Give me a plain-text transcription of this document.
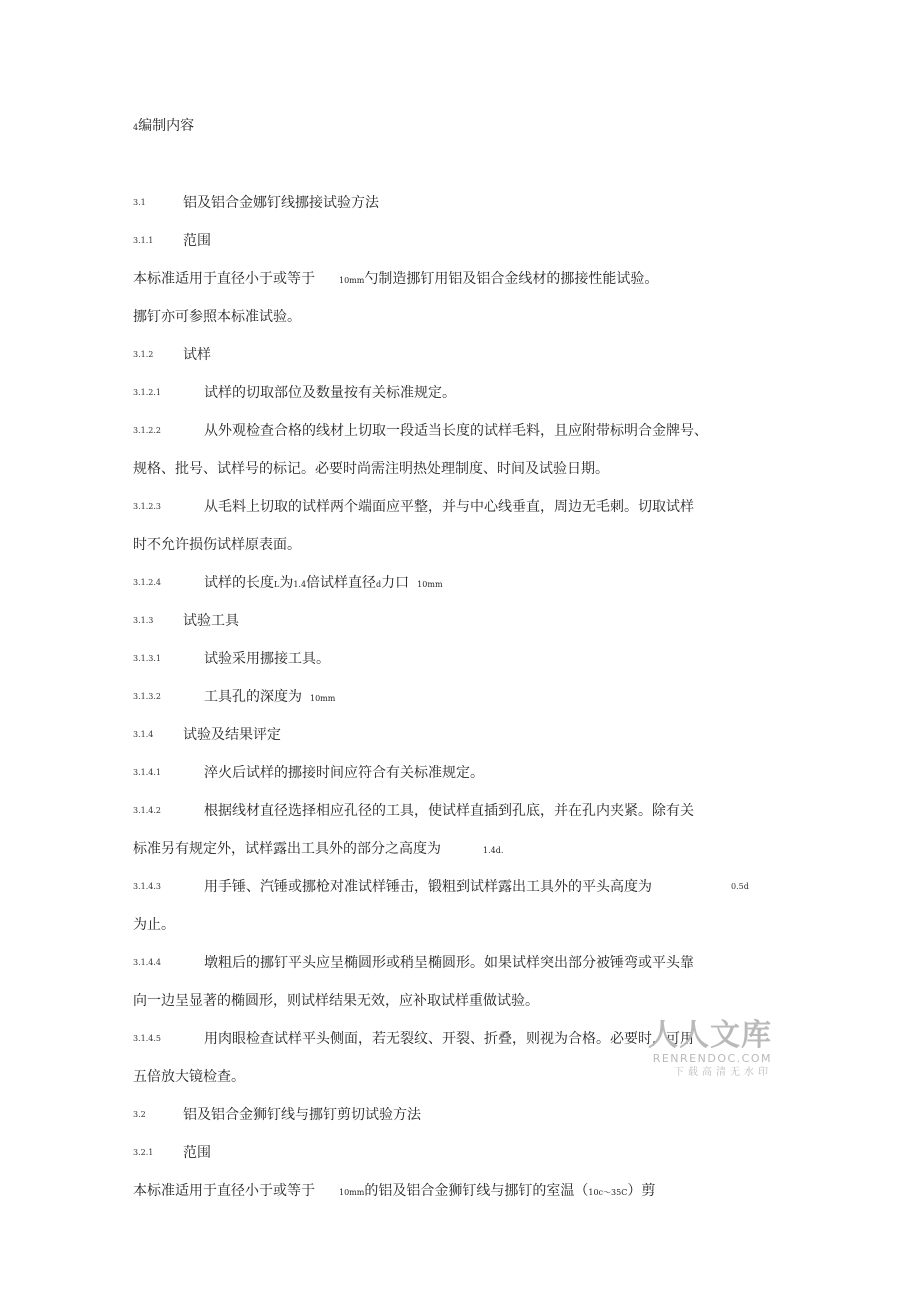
4编制内容
3.1	铝及铝合金娜钉线挪接试验方法
3.1.1 范围
本标准适用于直径小于或等于	10mm勺制造挪钉用铝及铝合金线材的挪接性能试验。
挪钉亦可参照本标准试验。
3.1.2 试样
3.1.2.1	试样的切取部位及数量按有关标准规定。
3.1.2.2	从外观检查合格的线材上切取一段适当长度的试样毛料，且应附带标明合金牌号、
规格、批号、试样号的标记。必要时尚需注明热处理制度、时间及试验日期。
3.1.2.3	从毛料上切取的试样两个端面应平整，并与中心线垂直，周边无毛刺。切取试样
时不允许损伤试样原表面。
3.1.2.4	试样的长度L为1.4倍试样直径d力口 10mm
3.1.3 试验工具
3.1.3.1	试验采用挪接工具。
3.1.3.2	工具孔的深度为 10mm
3.1.4 试验及结果评定
3.1.4.1	淬火后试样的挪接时间应符合有关标准规定。
3.1.4.2	根据线材直径选择相应孔径的工具，使试样直插到孔底，并在孔内夹紧。除有关
标准另有规定外，试样露出工具外的部分之高度为	1.4d.
3.1.4.3	用手锤、汽锤或挪枪对准试样锤击，锻粗到试样露出工具外的平头高度为	0.5d
为止。
3.1.4.4	墩粗后的挪钉平头应呈椭圆形或稍呈椭圆形。如果试样突出部分被锤弯或平头靠
向一边呈显著的椭圆形，则试样结果无效，应补取试样重做试验。
3.1.4.5	用肉眼检查试样平头侧面，若无裂纹、开裂、折叠，则视为合格。必要时，可用
五倍放大镜检查。
3.2	铝及铝合金狮钉线与挪钉剪切试验方法
3.2.1 范围
本标准适用于直径小于或等于	10mm的铝及铝合金狮钉线与挪钉的室温（10c～35C）剪
人人文库
RENRENDOC.COM
下载高清无水印
